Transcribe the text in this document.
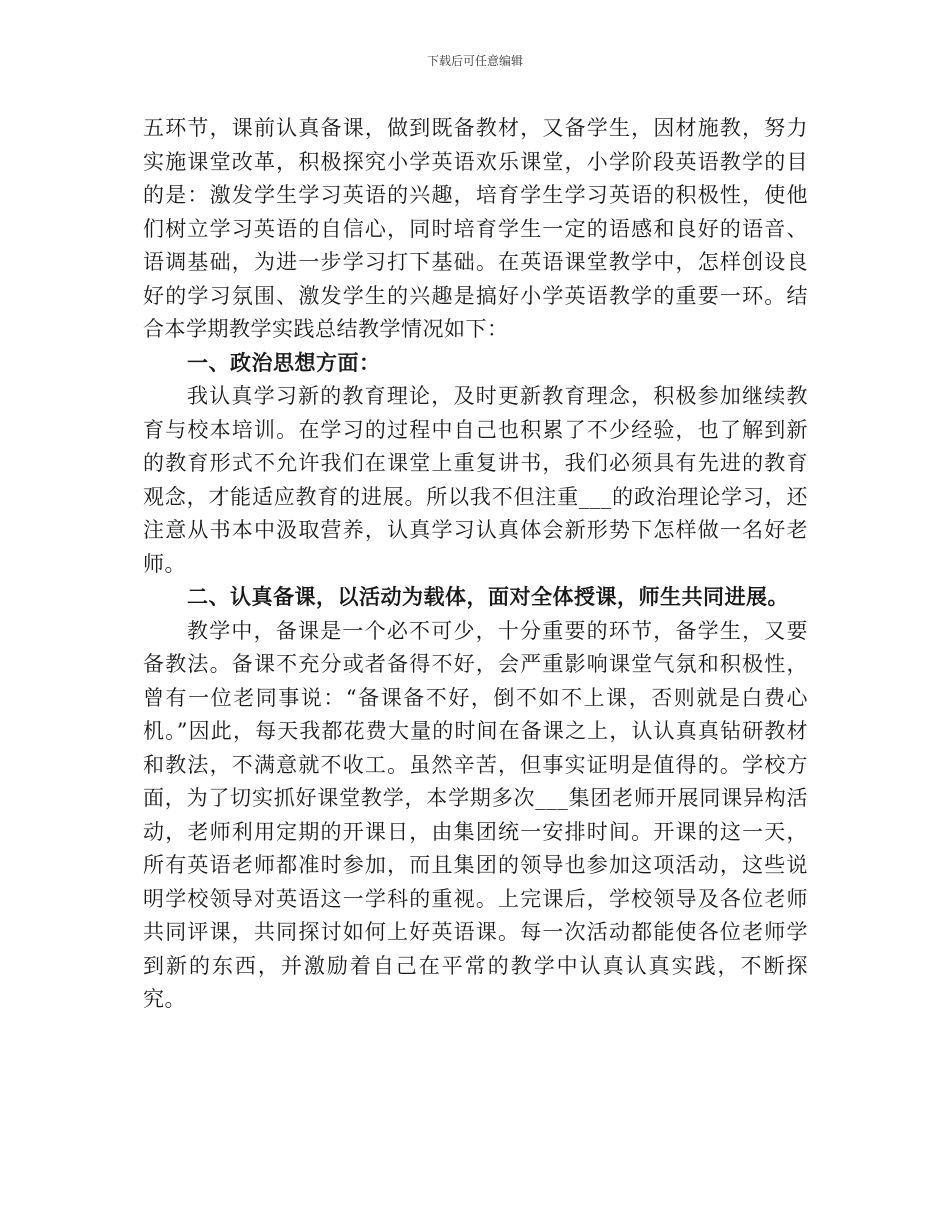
下载后可任意编辑

五环节，课前认真备课，做到既备教材，又备学生，因材施教，努力实施课堂改革，积极探究小学英语欢乐课堂，小学阶段英语教学的目的是：激发学生学习英语的兴趣，培育学生学习英语的积极性，使他们树立学习英语的自信心，同时培育学生一定的语感和良好的语音、语调基础，为进一步学习打下基础。在英语课堂教学中，怎样创设良好的学习氛围、激发学生的兴趣是搞好小学英语教学的重要一环。结合本学期教学实践总结教学情况如下：

一、政治思想方面：

我认真学习新的教育理论，及时更新教育理念，积极参加继续教育与校本培训。在学习的过程中自己也积累了不少经验，也了解到新的教育形式不允许我们在课堂上重复讲书，我们必须具有先进的教育观念，才能适应教育的进展。所以我不但注重___的政治理论学习，还注意从书本中汲取营养，认真学习认真体会新形势下怎样做一名好老师。

二、认真备课，以活动为载体，面对全体授课，师生共同进展。

教学中，备课是一个必不可少，十分重要的环节，备学生，又要备教法。备课不充分或者备得不好，会严重影响课堂气氛和积极性，曾有一位老同事说：“备课备不好，倒不如不上课，否则就是白费心机。”因此，每天我都花费大量的时间在备课之上，认认真真钻研教材和教法，不满意就不收工。虽然辛苦，但事实证明是值得的。学校方面，为了切实抓好课堂教学，本学期多次___集团老师开展同课异构活动，老师利用定期的开课日，由集团统一安排时间。开课的这一天，所有英语老师都准时参加，而且集团的领导也参加这项活动，这些说明学校领导对英语这一学科的重视。上完课后，学校领导及各位老师共同评课，共同探讨如何上好英语课。每一次活动都能使各位老师学到新的东西，并激励着自己在平常的教学中认真认真实践，不断探究。
